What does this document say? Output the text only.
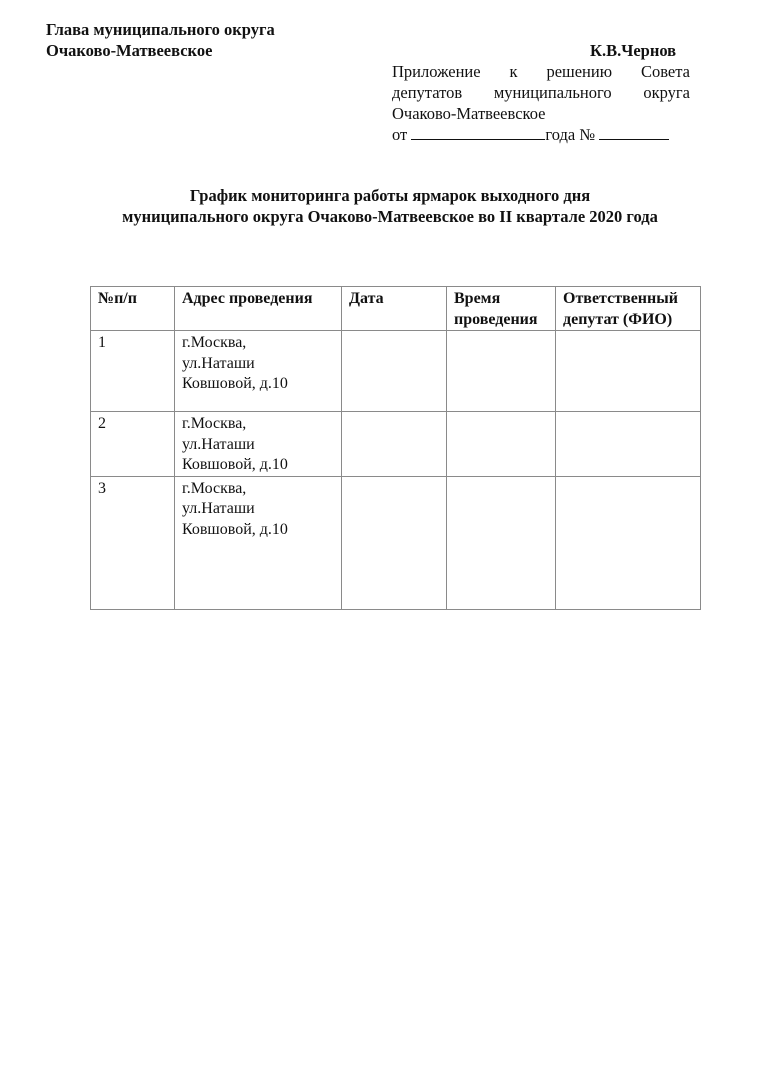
Глава муниципального округа
Очаково-Матвеевское	К.В.Чернов
Приложение к решению Совета
депутатов муниципального округа
Очаково-Матвеевское
от	года №
График мониторинга работы ярмарок выходного дня
муниципального округа Очаково-Матвеевское во II квартале 2020 года
№п/п	Адрес проведения	Дата	Время проведения	Ответственный депутат (ФИО)
1	г.Москва,
ул.Наташи
Ковшовой, д.10			

2	г.Москва,
ул.Наташи
Ковшовой, д.10			

3	г.Москва,
ул.Наташи
Ковшовой, д.10			
